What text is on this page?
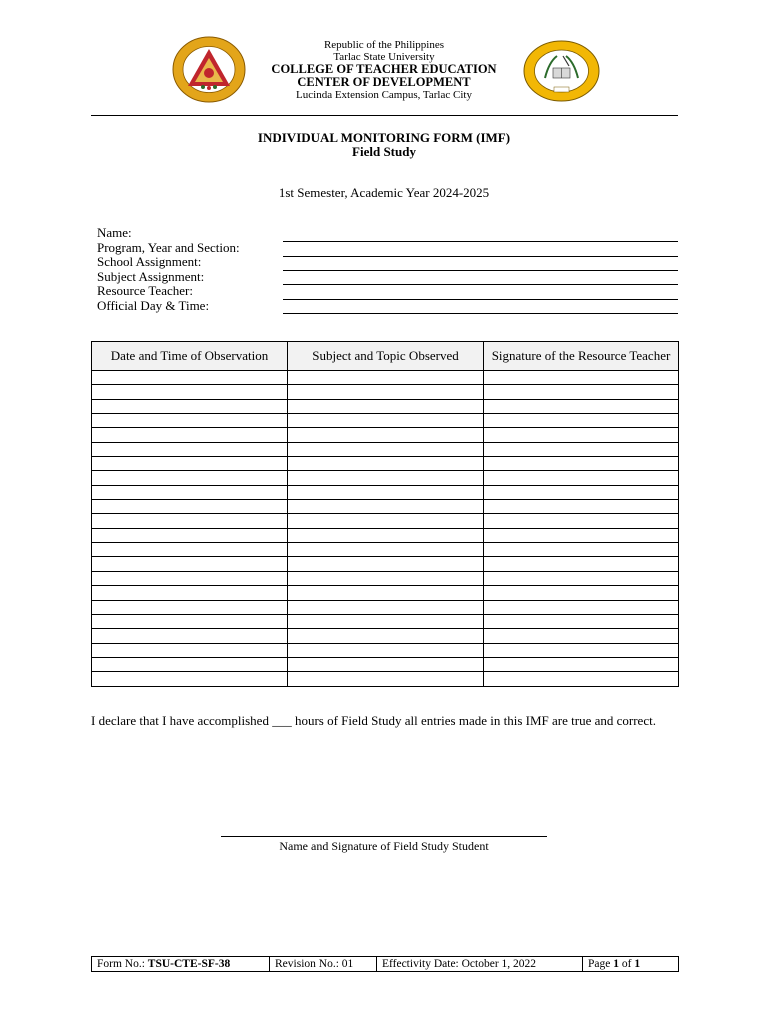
Republic of the Philippines
Tarlac State University
COLLEGE OF TEACHER EDUCATION
CENTER OF DEVELOPMENT
Lucinda Extension Campus, Tarlac City
INDIVIDUAL MONITORING FORM (IMF)
Field Study
1st Semester, Academic Year 2024-2025
Name:
Program, Year and Section:
School Assignment:
Subject Assignment:
Resource Teacher:
Official Day & Time:
Date and Time of Observation	Subject and Topic Observed	Signature of the Resource Teacher

I declare that I have accomplished ___ hours of Field Study all entries made in this IMF are true and correct.
Name and Signature of Field Study Student
Form No.: TSU-CTE-SF-38	Revision No.: 01	Effectivity Date: October 1, 2022	Page 1 of 1
